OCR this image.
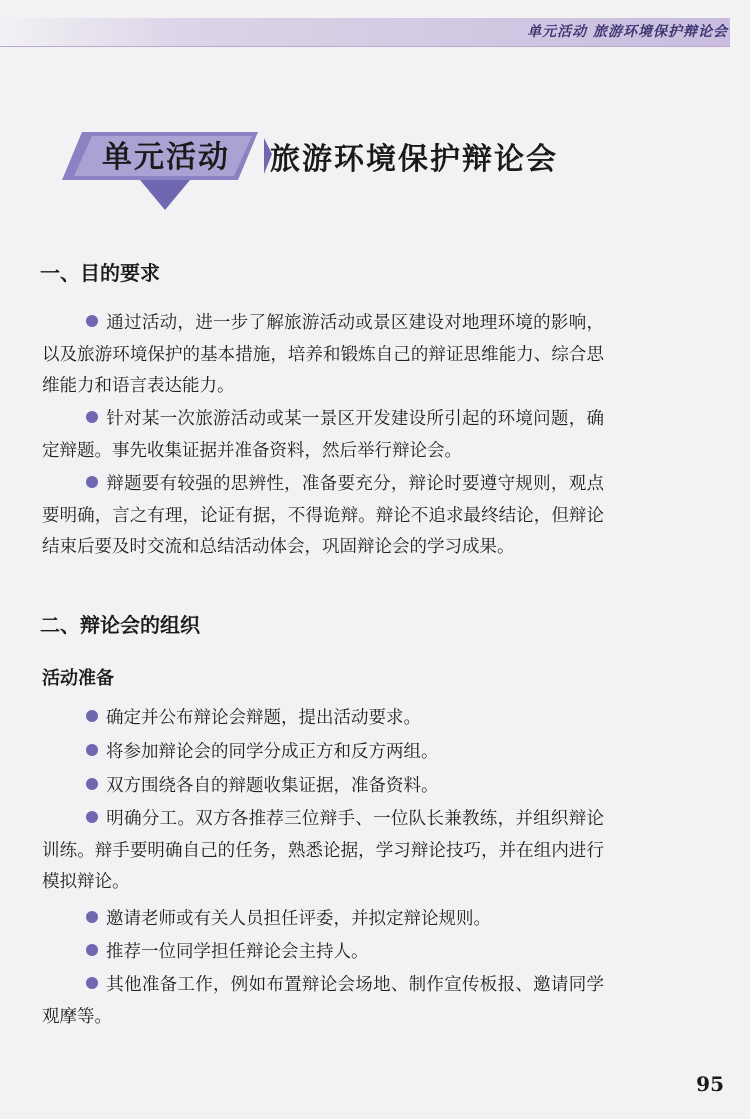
单元活动 旅游环境保护辩论会
单元活动	旅游环境保护辩论会
一、目的要求

通过活动，进一步了解旅游活动或景区建设对地理环境的影响，以及旅游环境保护的基本措施，培养和锻炼自己的辩证思维能力、综合思维能力和语言表达能力。

针对某一次旅游活动或某一景区开发建设所引起的环境问题，确定辩题。事先收集证据并准备资料，然后举行辩论会。

辩题要有较强的思辨性，准备要充分，辩论时要遵守规则，观点要明确，言之有理，论证有据，不得诡辩。辩论不追求最终结论，但辩论结束后要及时交流和总结活动体会，巩固辩论会的学习成果。

二、辩论会的组织
活动准备

确定并公布辩论会辩题，提出活动要求。

将参加辩论会的同学分成正方和反方两组。

双方围绕各自的辩题收集证据，准备资料。

明确分工。双方各推荐三位辩手、一位队长兼教练，并组织辩论训练。辩手要明确自己的任务，熟悉论据，学习辩论技巧，并在组内进行模拟辩论。

邀请老师或有关人员担任评委，并拟定辩论规则。

推荐一位同学担任辩论会主持人。

其他准备工作，例如布置辩论会场地、制作宣传板报、邀请同学观摩等。

95
